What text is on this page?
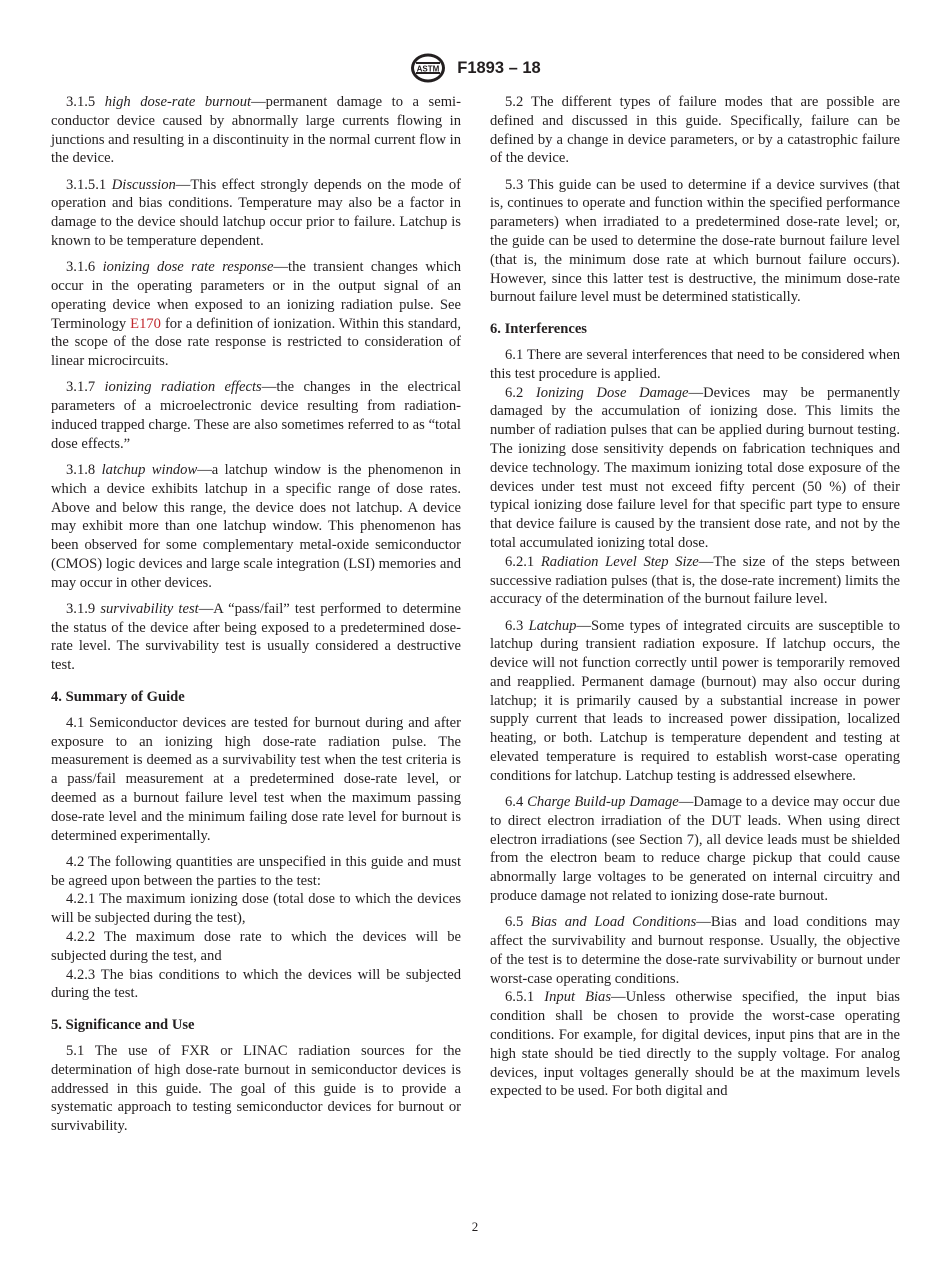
ASTM F1893 – 18

3.1.5 high dose-rate burnout—permanent damage to a semiconductor device caused by abnormally large currents flowing in junctions and resulting in a discontinuity in the normal current flow in the device.

3.1.5.1 Discussion—This effect strongly depends on the mode of operation and bias conditions. Temperature may also be a factor in damage to the device should latchup occur prior to failure. Latchup is known to be temperature dependent.

3.1.6 ionizing dose rate response—the transient changes which occur in the operating parameters or in the output signal of an operating device when exposed to an ionizing radiation pulse. See Terminology E170 for a definition of ionization. Within this standard, the scope of the dose rate response is restricted to consideration of linear microcircuits.

3.1.7 ionizing radiation effects—the changes in the electrical parameters of a microelectronic device resulting from radiation-induced trapped charge. These are also sometimes referred to as “total dose effects.”

3.1.8 latchup window—a latchup window is the phenomenon in which a device exhibits latchup in a specific range of dose rates. Above and below this range, the device does not latchup. A device may exhibit more than one latchup window. This phenomenon has been observed for some complementary metal-oxide semiconductor (CMOS) logic devices and large scale integration (LSI) memories and may occur in other devices.

3.1.9 survivability test—A “pass/fail” test performed to determine the status of the device after being exposed to a predetermined dose-rate level. The survivability test is usually considered a destructive test.

4. Summary of Guide

4.1 Semiconductor devices are tested for burnout during and after exposure to an ionizing high dose-rate radiation pulse. The measurement is deemed as a survivability test when the test criteria is a pass/fail measurement at a predetermined dose-rate level, or deemed as a burnout failure level test when the maximum passing dose-rate level and the minimum failing dose rate level for burnout is determined experimentally.

4.2 The following quantities are unspecified in this guide and must be agreed upon between the parties to the test:

4.2.1 The maximum ionizing dose (total dose to which the devices will be subjected during the test),

4.2.2 The maximum dose rate to which the devices will be subjected during the test, and

4.2.3 The bias conditions to which the devices will be subjected during the test.

5. Significance and Use

5.1 The use of FXR or LINAC radiation sources for the determination of high dose-rate burnout in semiconductor devices is addressed in this guide. The goal of this guide is to provide a systematic approach to testing semiconductor devices for burnout or survivability.

5.2 The different types of failure modes that are possible are defined and discussed in this guide. Specifically, failure can be defined by a change in device parameters, or by a catastrophic failure of the device.

5.3 This guide can be used to determine if a device survives (that is, continues to operate and function within the specified performance parameters) when irradiated to a predetermined dose-rate level; or, the guide can be used to determine the dose-rate burnout failure level (that is, the minimum dose rate at which burnout failure occurs). However, since this latter test is destructive, the minimum dose-rate burnout failure level must be determined statistically.

6. Interferences

6.1 There are several interferences that need to be considered when this test procedure is applied.

6.2 Ionizing Dose Damage—Devices may be permanently damaged by the accumulation of ionizing dose. This limits the number of radiation pulses that can be applied during burnout testing. The ionizing dose sensitivity depends on fabrication techniques and device technology. The maximum ionizing total dose exposure of the devices under test must not exceed fifty percent (50 %) of their typical ionizing dose failure level for that specific part type to ensure that device failure is caused by the transient dose rate, and not by the total accumulated ionizing total dose.

6.2.1 Radiation Level Step Size—The size of the steps between successive radiation pulses (that is, the dose-rate increment) limits the accuracy of the determination of the burnout failure level.

6.3 Latchup—Some types of integrated circuits are susceptible to latchup during transient radiation exposure. If latchup occurs, the device will not function correctly until power is temporarily removed and reapplied. Permanent damage (burnout) may also occur during latchup; it is primarily caused by a substantial increase in power supply current that leads to increased power dissipation, localized heating, or both. Latchup is temperature dependent and testing at elevated temperature is required to establish worst-case operating conditions for latchup. Latchup testing is addressed elsewhere.

6.4 Charge Build-up Damage—Damage to a device may occur due to direct electron irradiation of the DUT leads. When using direct electron irradiations (see Section 7), all device leads must be shielded from the electron beam to reduce charge pickup that could cause abnormally large voltages to be generated on internal circuitry and produce damage not related to ionizing dose-rate burnout.

6.5 Bias and Load Conditions—Bias and load conditions may affect the survivability and burnout response. Usually, the objective of the test is to determine the dose-rate survivability or burnout under worst-case operating conditions.

6.5.1 Input Bias—Unless otherwise specified, the input bias condition shall be chosen to provide the worst-case operating conditions. For example, for digital devices, input pins that are in the high state should be tied directly to the supply voltage. For analog devices, input voltages generally should be at the maximum levels expected to be used. For both digital and

2
